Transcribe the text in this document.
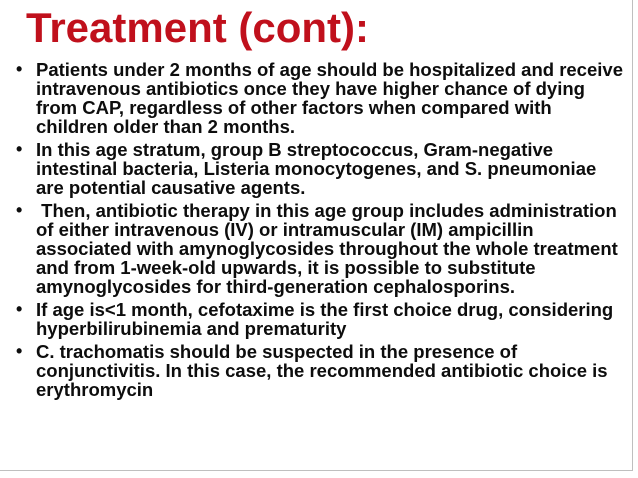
Treatment (cont):
• Patients under 2 months of age should be hospitalized and receive intravenous antibiotics once they have higher chance of dying from CAP, regardless of other factors when compared with children older than 2 months.
• In this age stratum, group B streptococcus, Gram-negative intestinal bacteria, Listeria monocytogenes, and S. pneumoniae are potential causative agents.
• Then, antibiotic therapy in this age group includes administration of either intravenous (IV) or intramuscular (IM) ampicillin associated with amynoglycosides throughout the whole treatment and from 1-week-old upwards, it is possible to substitute amynoglycosides for third-generation cephalosporins.
• If age is<1 month, cefotaxime is the first choice drug, considering hyperbilirubinemia and prematurity
• C. trachomatis should be suspected in the presence of conjunctivitis. In this case, the recommended antibiotic choice is erythromycin
